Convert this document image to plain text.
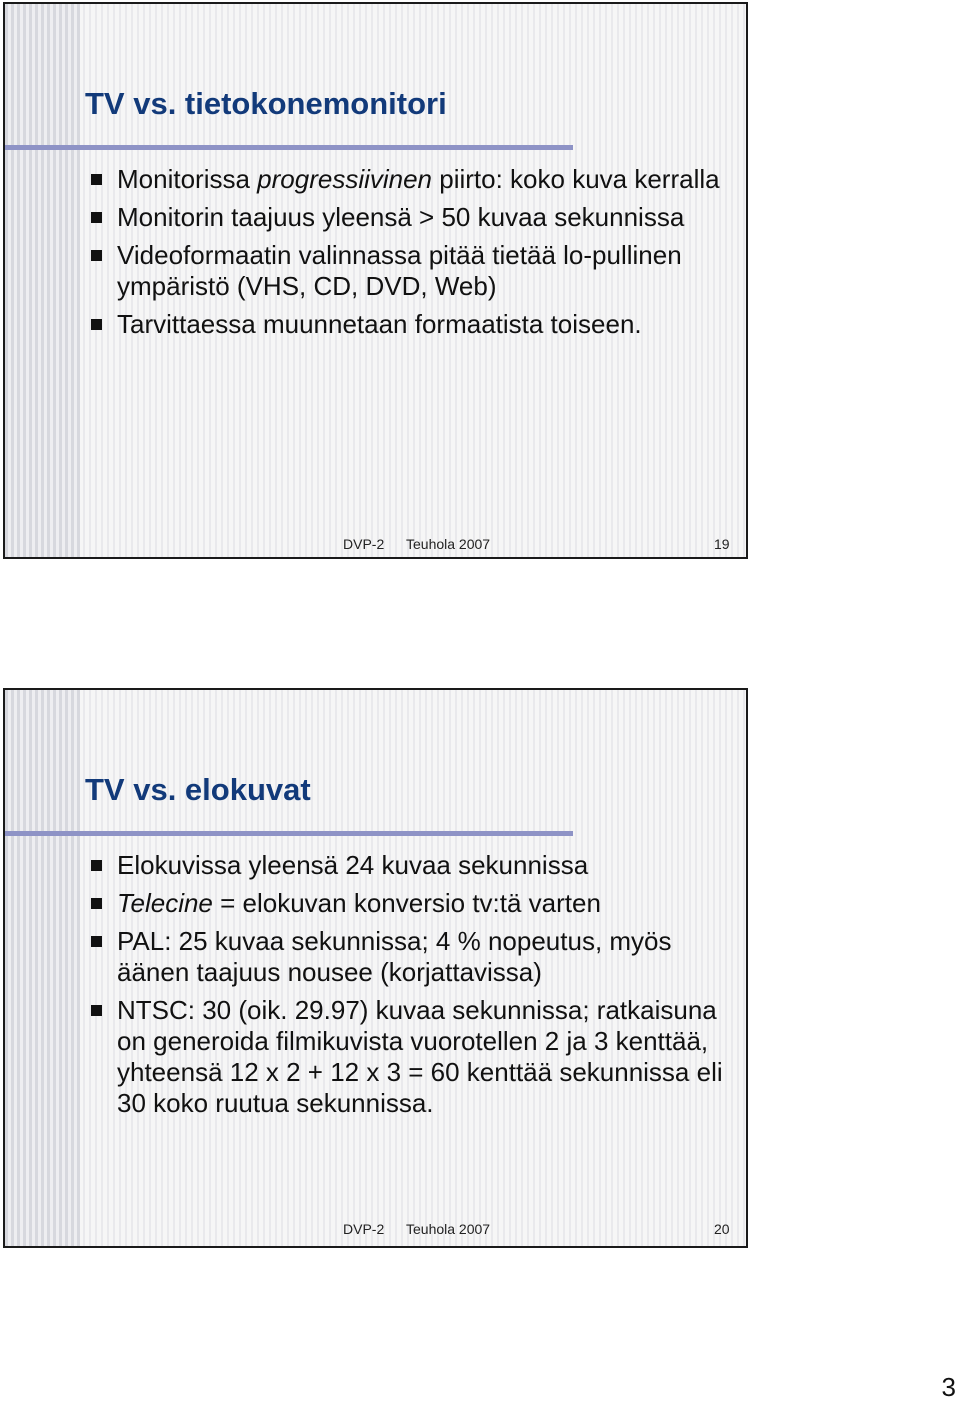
TV vs. tietokonemonitori
Monitorissa progressiivinen piirto: koko kuva kerralla
Monitorin taajuus yleensä > 50 kuvaa sekunnissa
Videoformaatin valinnassa pitää tietää lo-pullinen ympäristö (VHS, CD, DVD, Web)
Tarvittaessa muunnetaan formaatista toiseen.
DVP-2 Teuhola 2007	19
TV vs. elokuvat
Elokuvissa yleensä 24 kuvaa sekunnissa
Telecine = elokuvan konversio tv:tä varten
PAL: 25 kuvaa sekunnissa; 4 % nopeutus, myös äänen taajuus nousee (korjattavissa)
NTSC: 30 (oik. 29.97) kuvaa sekunnissa; ratkaisuna on generoida filmikuvista vuorotellen 2 ja 3 kenttää, yhteensä 12 x 2 + 12 x 3 = 60 kenttää sekunnissa eli 30 koko ruutua sekunnissa.
DVP-2 Teuhola 2007	20
3
